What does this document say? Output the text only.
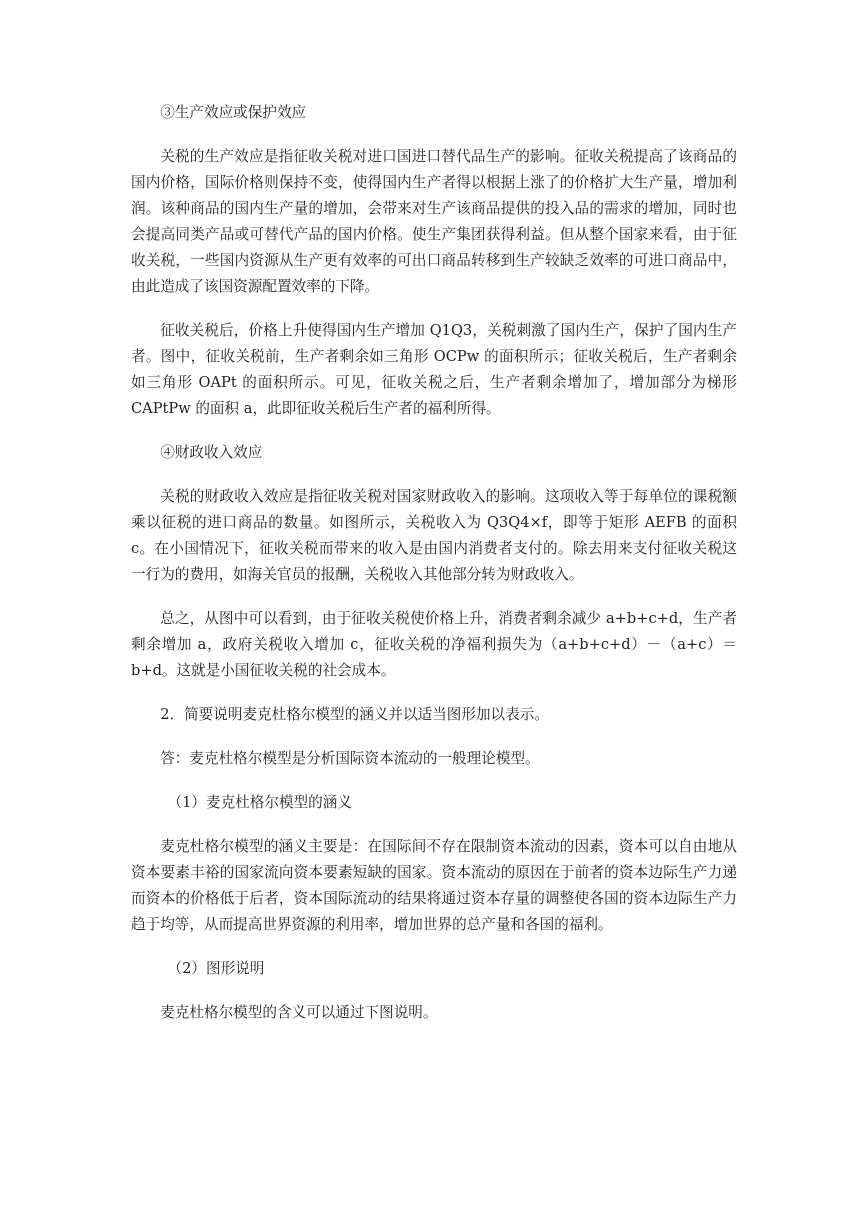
③生产效应或保护效应

关税的生产效应是指征收关税对进口国进口替代品生产的影响。征收关税提高了该商品的国内价格，国际价格则保持不变，使得国内生产者得以根据上涨了的价格扩大生产量，增加利润。该种商品的国内生产量的增加，会带来对生产该商品提供的投入品的需求的增加，同时也会提高同类产品或可替代产品的国内价格。使生产集团获得利益。但从整个国家来看，由于征收关税，一些国内资源从生产更有效率的可出口商品转移到生产较缺乏效率的可进口商品中，由此造成了该国资源配置效率的下降。

征收关税后，价格上升使得国内生产增加 Q1Q3，关税刺激了国内生产，保护了国内生产者。图中，征收关税前，生产者剩余如三角形 OCPw 的面积所示；征收关税后，生产者剩余如三角形 OAPt 的面积所示。可见，征收关税之后，生产者剩余增加了，增加部分为梯形 CAPtPw 的面积 a，此即征收关税后生产者的福利所得。

④财政收入效应

关税的财政收入效应是指征收关税对国家财政收入的影响。这项收入等于每单位的课税额乘以征税的进口商品的数量。如图所示，关税收入为 Q3Q4×f，即等于矩形 AEFB 的面积 c。在小国情况下，征收关税而带来的收入是由国内消费者支付的。除去用来支付征收关税这一行为的费用，如海关官员的报酬，关税收入其他部分转为财政收入。

总之，从图中可以看到，由于征收关税使价格上升，消费者剩余减少 a+b+c+d，生产者剩余增加 a，政府关税收入增加 c，征收关税的净福利损失为（a+b+c+d）－（a+c）＝b+d。这就是小国征收关税的社会成本。

2．简要说明麦克杜格尔模型的涵义并以适当图形加以表示。

答：麦克杜格尔模型是分析国际资本流动的一般理论模型。

（1）麦克杜格尔模型的涵义

麦克杜格尔模型的涵义主要是：在国际间不存在限制资本流动的因素，资本可以自由地从资本要素丰裕的国家流向资本要素短缺的国家。资本流动的原因在于前者的资本边际生产力递而资本的价格低于后者，资本国际流动的结果将通过资本存量的调整使各国的资本边际生产力趋于均等，从而提高世界资源的利用率，增加世界的总产量和各国的福利。

（2）图形说明

麦克杜格尔模型的含义可以通过下图说明。
